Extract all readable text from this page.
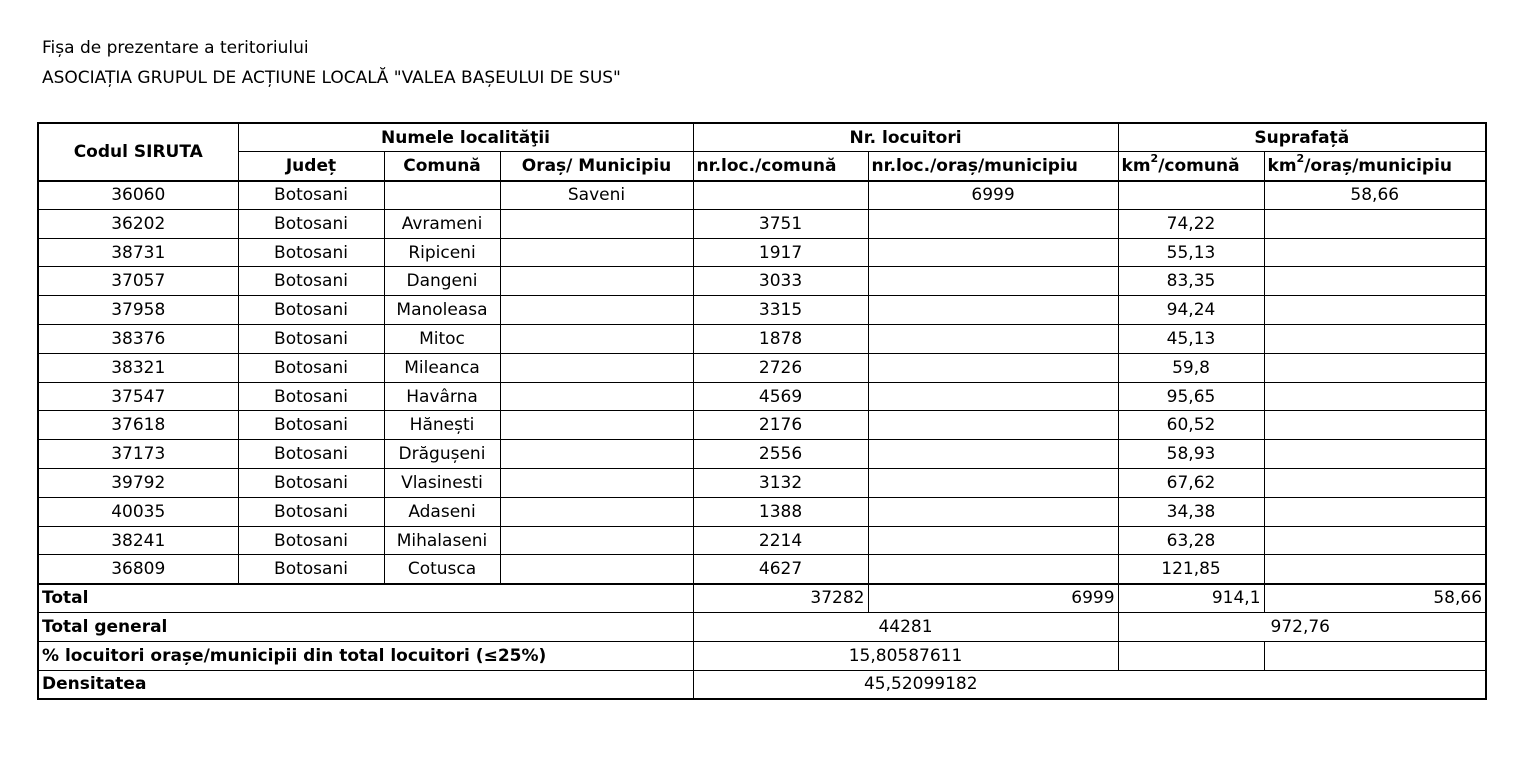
Fișa de prezentare a teritoriului
ASOCIAȚIA GRUPUL DE ACȚIUNE LOCALĂ "VALEA BAȘEULUI DE SUS"
Codul SIRUTA	Numele localităţii			Nr. locuitori		Suprafață	
	Județ	Comună	Oraș/ Municipiu	nr.loc./comună	nr.loc./oraș/municipiu	$km^2$/comună	$km^2/oraș$/municipiu
36060	Botosani		Saveni		6999		58,66
36202	Botosani	Avrameni		3751		74,22	
38731	Botosani	Ripiceni		1917		55,13	
37057	Botosani	Dangeni		3033		83,35	
37958	Botosani	Manoleasa		3315		94,24	
38376	Botosani	Mitoc		1878		45,13	
38321	Botosani	Mileanca		2726		59,8	
37547	Botosani	Havârna		4569		95,65	
37618	Botosani	Hănești		2176		60,52	
37173	Botosani	Drăgușeni		2556		58,93	
39792	Botosani	Vlasinesti		3132		67,62	
40035	Botosani	Adaseni		1388		34,38	
38241	Botosani	Mihalaseni		2214		63,28	
36809	Botosani	Cotusca		4627		121,85	
Total				37282	6999	914,1	58,66
Total general				44281		972,76	
% locuitori orașe/municipii din total locuitori (≤25%)				15,80587611			
Densitatea				45,52099182			
